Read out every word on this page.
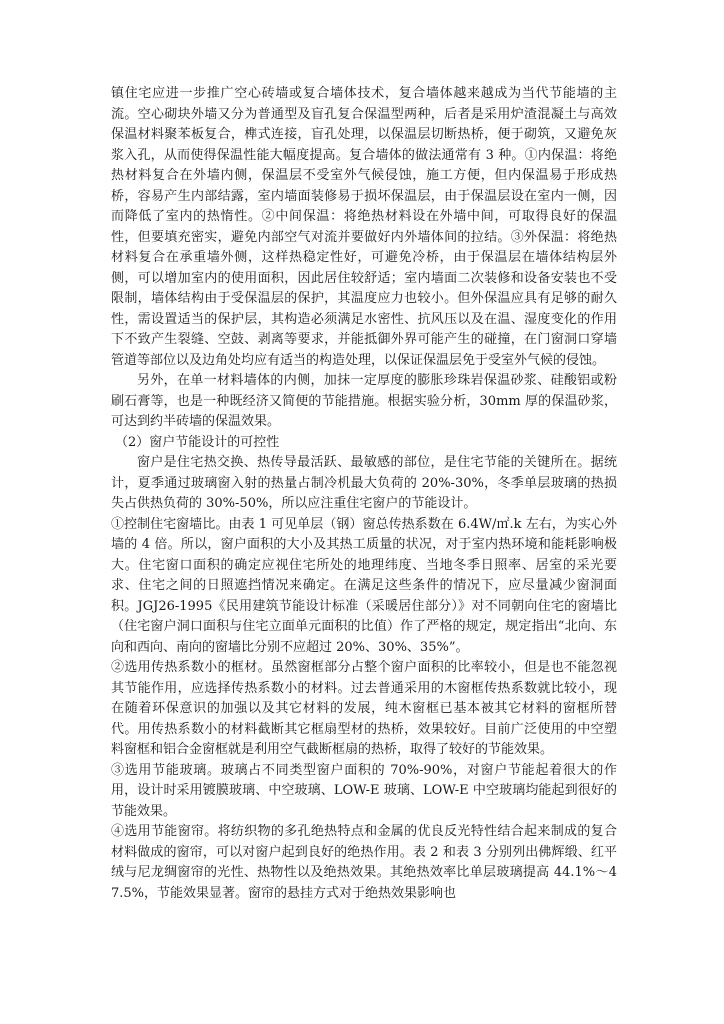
镇住宅应进一步推广空心砖墙或复合墙体技术，复合墙体越来越成为当代节能墙的主流。空心砌块外墙又分为普通型及盲孔复合保温型两种，后者是采用炉渣混凝土与高效保温材料聚苯板复合，榫式连接，盲孔处理，以保温层切断热桥，便于砌筑，又避免灰浆入孔，从而使得保温性能大幅度提高。复合墙体的做法通常有 3 种。①内保温：将绝热材料复合在外墙内侧，保温层不受室外气候侵蚀，施工方便，但内保温易于形成热桥，容易产生内部结露，室内墙面装修易于损坏保温层，由于保温层设在室内一侧，因而降低了室内的热惰性。②中间保温：将绝热材料设在外墙中间，可取得良好的保温性，但要填充密实，避免内部空气对流并要做好内外墙体间的拉结。③外保温：将绝热材料复合在承重墙外侧，这样热稳定性好，可避免冷桥，由于保温层在墙体结构层外侧，可以增加室内的使用面积，因此居住较舒适；室内墙面二次装修和设备安装也不受限制，墙体结构由于受保温层的保护，其温度应力也较小。但外保温应具有足够的耐久性，需设置适当的保护层，其构造必须满足水密性、抗风压以及在温、湿度变化的作用下不致产生裂缝、空鼓、剥离等要求，并能抵御外界可能产生的碰撞，在门窗洞口穿墙管道等部位以及边角处均应有适当的构造处理，以保证保温层免于受室外气候的侵蚀。

另外，在单一材料墙体的内侧，加抹一定厚度的膨胀珍珠岩保温砂浆、硅酸铝或粉刷石膏等，也是一种既经济又简便的节能措施。根据实验分析，30mm 厚的保温砂浆，可达到约半砖墙的保温效果。

（2）窗户节能设计的可控性

窗户是住宅热交换、热传导最活跃、最敏感的部位，是住宅节能的关键所在。据统计，夏季通过玻璃窗入射的热量占制冷机最大负荷的 20%-30%，冬季单层玻璃的热损失占供热负荷的 30%-50%，所以应注重住宅窗户的节能设计。

①控制住宅窗墙比。由表 1 可见单层（钢）窗总传热系数在 6.4W/㎡.k 左右，为实心外墙的 4 倍。所以，窗户面积的大小及其热工质量的状况，对于室内热环境和能耗影响极大。住宅窗口面积的确定应视住宅所处的地理纬度、当地冬季日照率、居室的采光要求、住宅之间的日照遮挡情况来确定。在满足这些条件的情况下，应尽量减少窗洞面积。JGJ26-1995《民用建筑节能设计标准（采暖居住部分）》对不同朝向住宅的窗墙比（住宅窗户洞口面积与住宅立面单元面积的比值）作了严格的规定，规定指出“北向、东向和西向、南向的窗墙比分别不应超过 20%、30%、35%”。

②选用传热系数小的框材。虽然窗框部分占整个窗户面积的比率较小，但是也不能忽视其节能作用，应选择传热系数小的材料。过去普通采用的木窗框传热系数就比较小，现在随着环保意识的加强以及其它材料的发展，纯木窗框已基本被其它材料的窗框所替代。用传热系数小的材料截断其它框扇型材的热桥，效果较好。目前广泛使用的中空塑料窗框和铝合金窗框就是利用空气截断框扇的热桥，取得了较好的节能效果。

③选用节能玻璃。玻璃占不同类型窗户面积的 70%-90%，对窗户节能起着很大的作用，设计时采用镀膜玻璃、中空玻璃、LOW-E 玻璃、LOW-E 中空玻璃均能起到很好的节能效果。

④选用节能窗帘。将纺织物的多孔绝热特点和金属的优良反光特性结合起来制成的复合材料做成的窗帘，可以对窗户起到良好的绝热作用。表 2 和表 3 分别列出佛辉缎、红平绒与尼龙绸窗帘的光性、热物性以及绝热效果。其绝热效率比单层玻璃提高 44.1%～47.5%，节能效果显著。窗帘的悬挂方式对于绝热效果影响也
